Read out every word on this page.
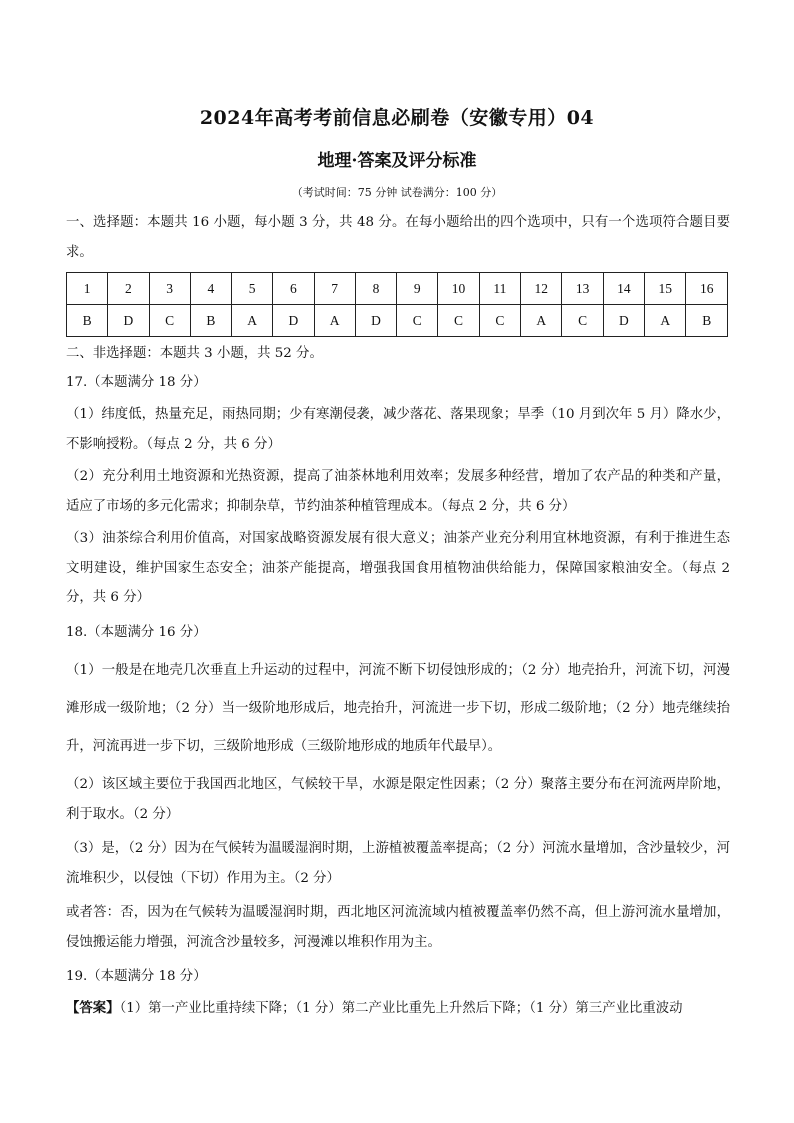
2024年高考考前信息必刷卷（安徽专用）04
地理·答案及评分标准
（考试时间：75 分钟 试卷满分：100 分）
一、选择题：本题共 16 小题，每小题 3 分，共 48 分。在每小题给出的四个选项中，只有一个选项符合题目要求。
1	2	3	4	5	6	7	8	9	10	11	12	13	14	15	16
B	D	C	B	A	D	A	D	C	C	C	A	C	D	A	B
二、非选择题：本题共 3 小题，共 52 分。
17.（本题满分 18 分）
（1）纬度低，热量充足，雨热同期；少有寒潮侵袭，减少落花、落果现象；旱季（10 月到次年 5 月）降水少，不影响授粉。（每点 2 分，共 6 分）
（2）充分利用土地资源和光热资源，提高了油茶林地利用效率；发展多种经营，增加了农产品的种类和产量，适应了市场的多元化需求；抑制杂草，节约油茶种植管理成本。（每点 2 分，共 6 分）
（3）油茶综合利用价值高，对国家战略资源发展有很大意义；油茶产业充分利用宜林地资源，有利于推进生态文明建设，维护国家生态安全；油茶产能提高，增强我国食用植物油供给能力，保障国家粮油安全。（每点 2 分，共 6 分）
18.（本题满分 16 分）
（1）一般是在地壳几次垂直上升运动的过程中，河流不断下切侵蚀形成的；（2 分）地壳抬升，河流下切，河漫滩形成一级阶地；（2 分）当一级阶地形成后，地壳抬升，河流进一步下切，形成二级阶地；（2 分）地壳继续抬升，河流再进一步下切，三级阶地形成（三级阶地形成的地质年代最早）。
（2）该区域主要位于我国西北地区，气候较干旱，水源是限定性因素；（2 分）聚落主要分布在河流两岸阶地，利于取水。（2 分）
（3）是，（2 分）因为在气候转为温暖湿润时期，上游植被覆盖率提高；（2 分）河流水量增加，含沙量较少，河流堆积少，以侵蚀（下切）作用为主。（2 分）
或者答：否，因为在气候转为温暖湿润时期，西北地区河流流域内植被覆盖率仍然不高，但上游河流水量增加，侵蚀搬运能力增强，河流含沙量较多，河漫滩以堆积作用为主。
19.（本题满分 18 分）
【答案】（1）第一产业比重持续下降；（1 分）第二产业比重先上升然后下降；（1 分）第三产业比重波动
